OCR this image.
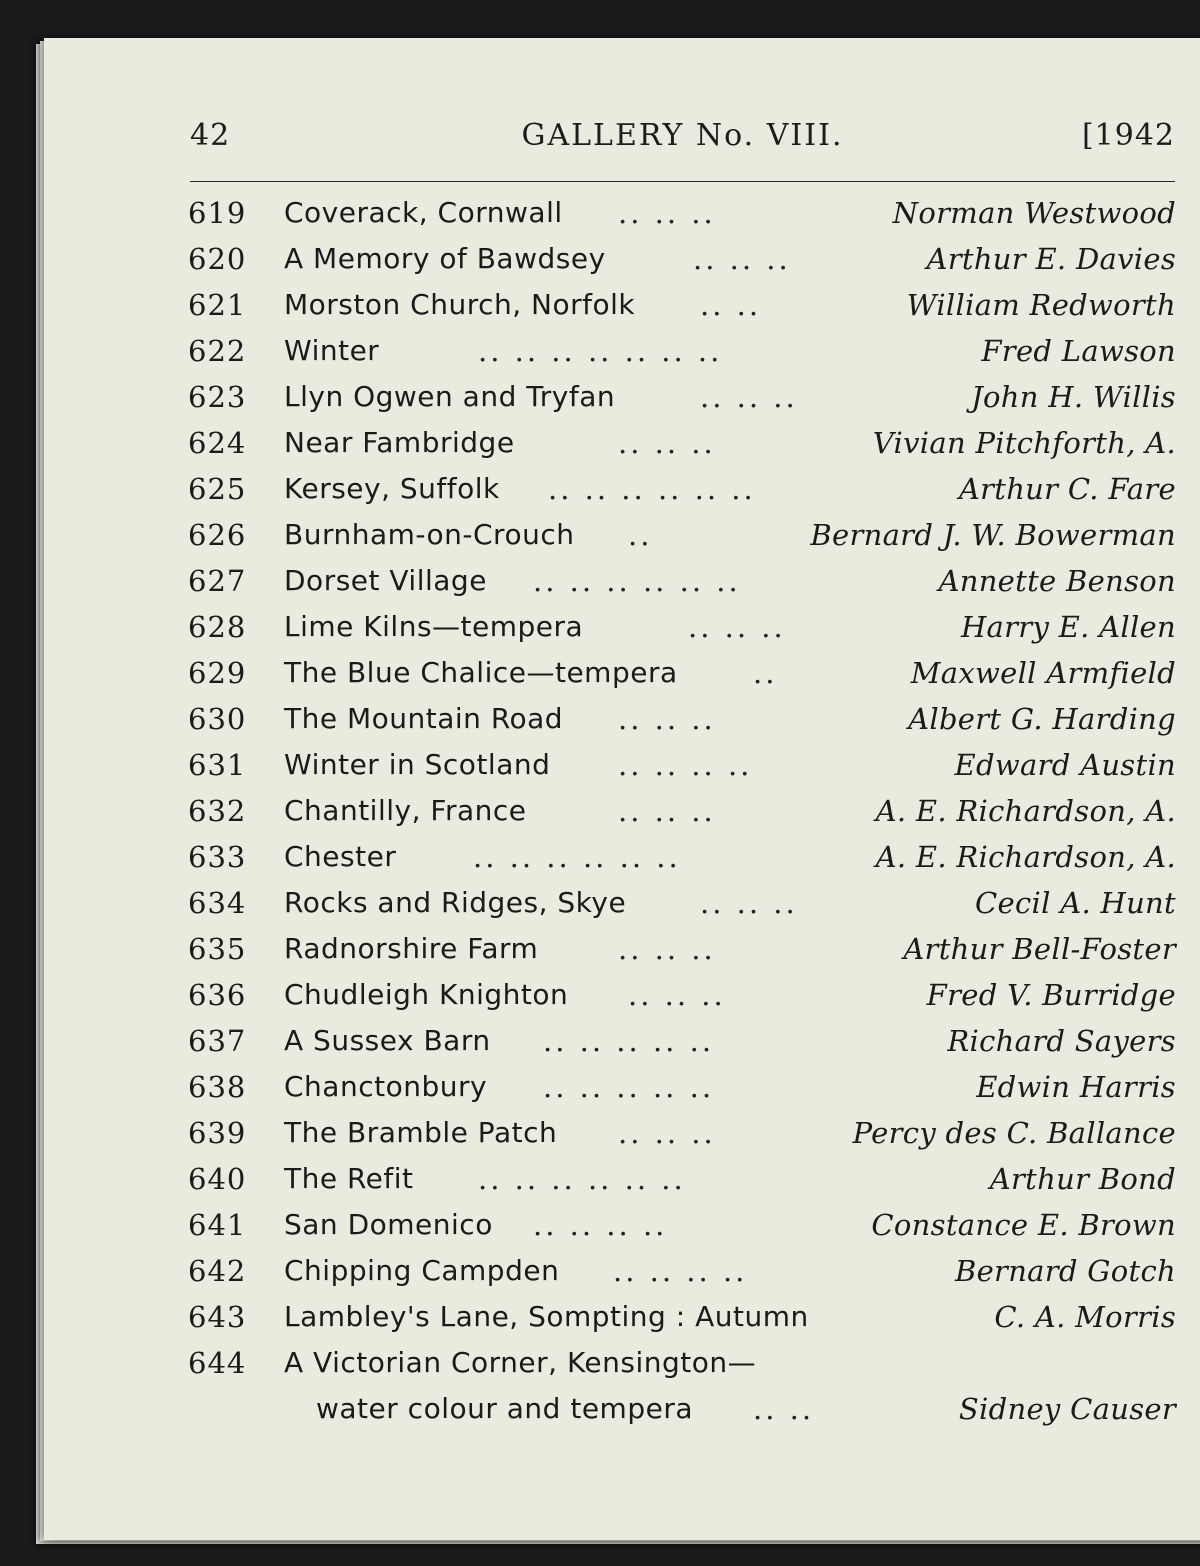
42	GALLERY No. VIII.	[1942
619	Coverack, Cornwall .. .. ..	Norman Westwood
620	A Memory of Bawdsey	.. .. ..	Arthur E. Davies
621	Morston Church, Norfolk .. ..	William Redworth
622	Winter	.. .. .. .. .. .. ..	Fred Lawson
623	Llyn Ogwen and Tryfan	.. .. ..	John H. Willis
624	Near Fambridge	.. .. ..	Vivian Pitchforth, A.
625	Kersey, Suffolk .. .. .. .. .. ..	Arthur C. Fare
626	Burnham-on-Crouch ..	Bernard J. W. Bowerman
627	Dorset Village .. .. .. .. .. ..	Annette Benson
628	Lime Kilns—tempera	.. .. ..	Harry E. Allen
629	The Blue Chalice—tempera	..	Maxwell Armfield
630	The Mountain Road .. .. ..	Albert G. Harding
631	Winter in Scotland .. .. .. ..	Edward Austin
632	Chantilly, France	.. .. ..	A. E. Richardson, A.
633	Chester	.. .. .. .. .. ..	A. E. Richardson, A.
634	Rocks and Ridges, Skye	.. .. ..	Cecil A. Hunt
635	Radnorshire Farm	.. .. ..	Arthur Bell-Foster
636	Chudleigh Knighton .. .. ..	Fred V. Burridge
637	A Sussex Barn .. .. .. .. ..	Richard Sayers
638	Chanctonbury .. .. .. .. ..	Edwin Harris
639	The Bramble Patch .. .. ..	Percy des C. Ballance
640	The Refit .. .. .. .. .. ..	Arthur Bond
641	San Domenico .. .. .. ..	Constance E. Brown
642	Chipping Campden .. .. .. ..	Bernard Gotch
643	Lambley's Lane, Sompting : Autumn	C. A. Morris
644	A Victorian Corner, Kensington—
water colour and tempera .. ..	Sidney Causer
